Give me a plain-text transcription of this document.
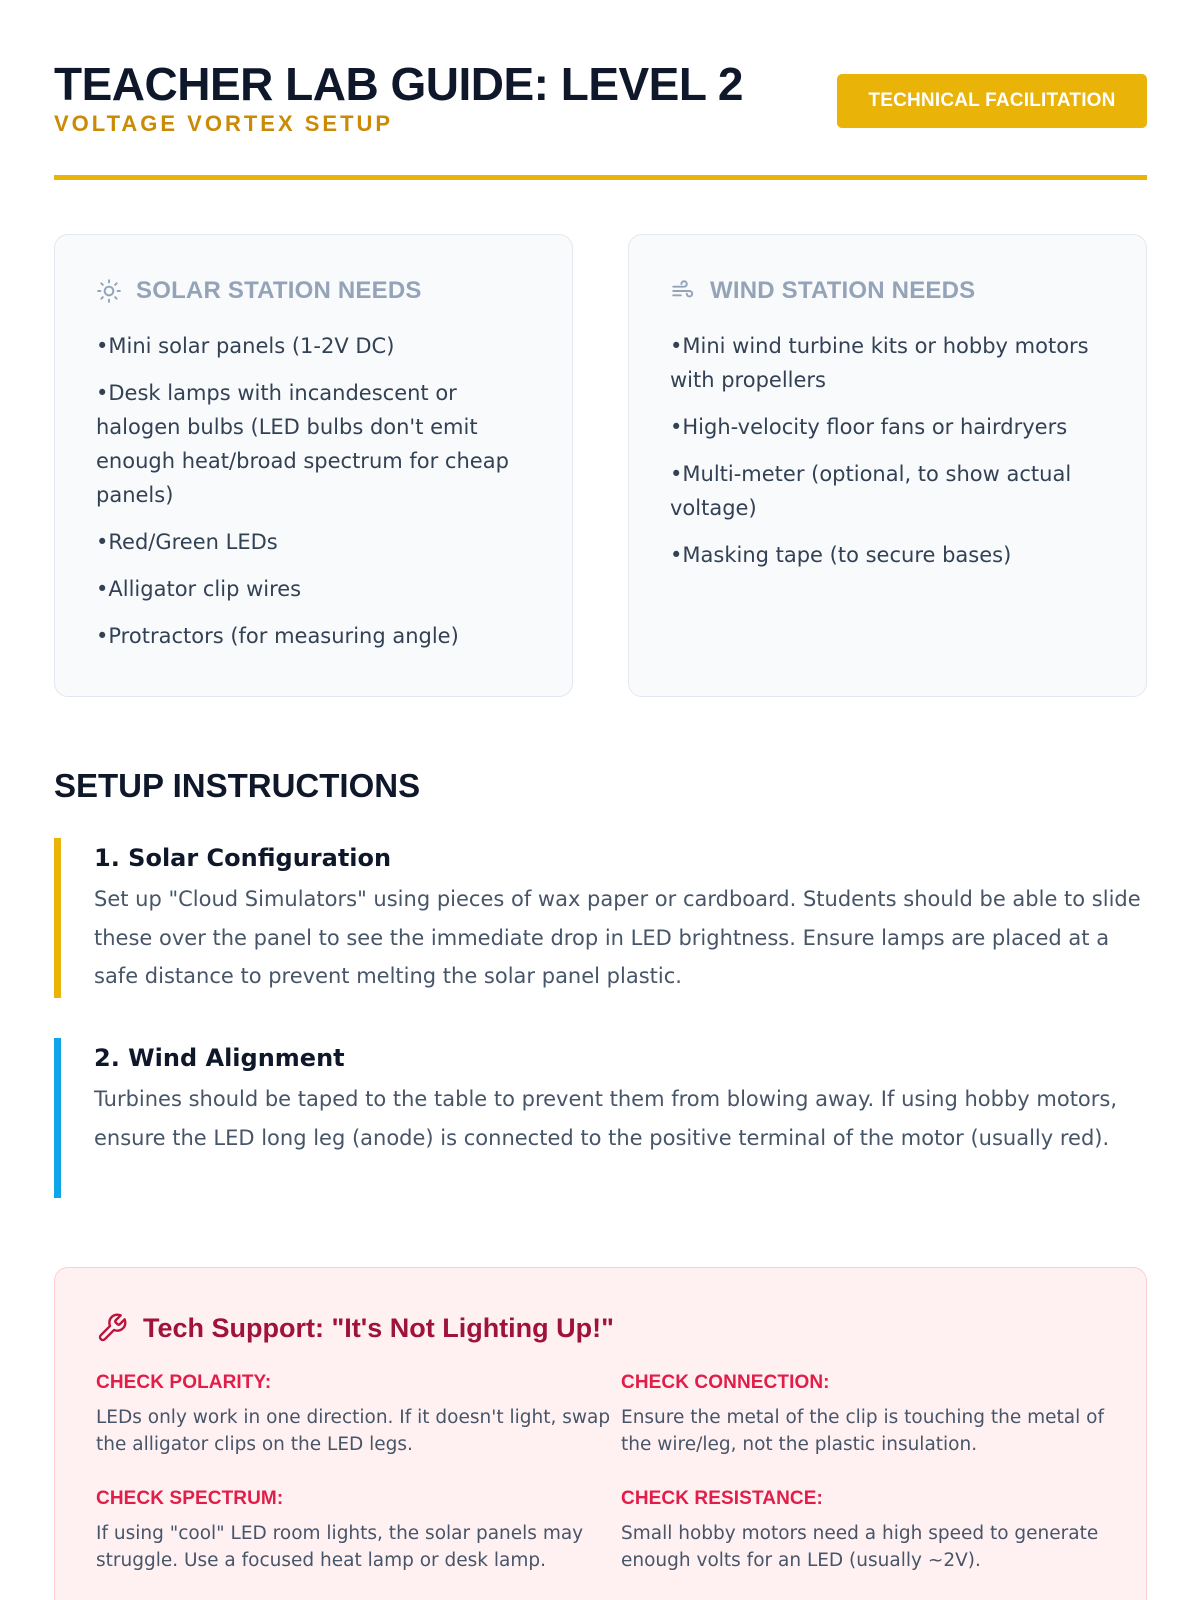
TEACHER LAB GUIDE: LEVEL 2
VOLTAGE VORTEX SETUP
TECHNICAL FACILITATION
SOLAR STATION NEEDS
• Mini solar panels (1-2V DC)
• Desk lamps with incandescent or halogen bulbs (LED bulbs don't emit enough heat/broad spectrum for cheap panels)
• Red/Green LEDs
• Alligator clip wires
• Protractors (for measuring angle)
WIND STATION NEEDS
• Mini wind turbine kits or hobby motors with propellers
• High-velocity floor fans or hairdryers
• Multi-meter (optional, to show actual voltage)
• Masking tape (to secure bases)
SETUP INSTRUCTIONS
1. Solar Configuration
Set up "Cloud Simulators" using pieces of wax paper or cardboard. Students should be able to slide these over the panel to see the immediate drop in LED brightness. Ensure lamps are placed at a safe distance to prevent melting the solar panel plastic.
2. Wind Alignment
Turbines should be taped to the table to prevent them from blowing away. If using hobby motors, ensure the LED long leg (anode) is connected to the positive terminal of the motor (usually red).
Tech Support: "It's Not Lighting Up!"
CHECK POLARITY:
LEDs only work in one direction. If it doesn't light, swap the alligator clips on the LED legs.
CHECK CONNECTION:
Ensure the metal of the clip is touching the metal of the wire/leg, not the plastic insulation.
CHECK SPECTRUM:
If using "cool" LED room lights, the solar panels may struggle. Use a focused heat lamp or desk lamp.
CHECK RESISTANCE:
Small hobby motors need a high speed to generate enough volts for an LED (usually ~2V).
